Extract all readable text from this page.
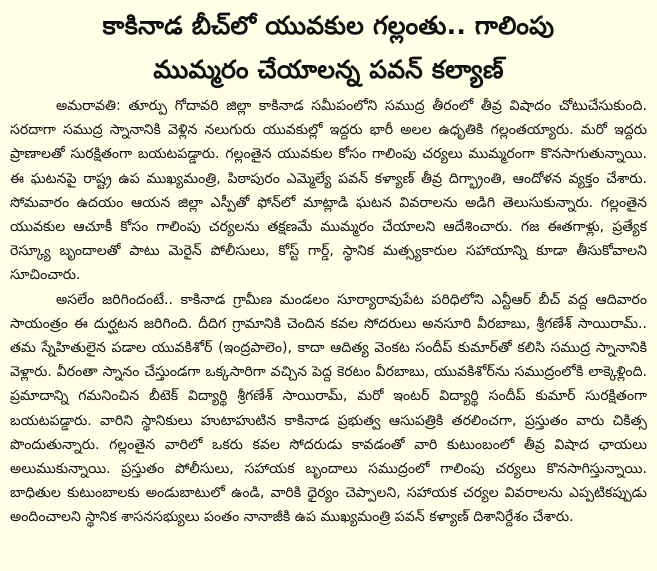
కాకినాడ బీచ్‌లో యువకుల గల్లంతు.. గాలింపు
ముమ్మరం చేయాలన్న పవన్ కల్యాణ్

అమరావతి: తూర్పు గోదావరి జిల్లా కాకినాడ సమీపంలోని సముద్ర తీరంలో తీవ్ర విషాదం చోటుచేసుకుంది. సరదాగా సముద్ర స్నానానికి వెళ్లిన నలుగురు యువకుల్లో ఇద్దరు భారీ అలల ఉధృతికి గల్లంతయ్యారు. మరో ఇద్దరు ప్రాణాలతో సురక్షితంగా బయటపడ్డారు. గల్లంతైన యువకుల కోసం గాలింపు చర్యలు ముమ్మరంగా కొనసాగుతున్నాయి. ఈ ఘటనపై రాష్ట్ర ఉప ముఖ్యమంత్రి, పిఠాపురం ఎమ్మెల్యే పవన్ కళ్యాణ్ తీవ్ర దిగ్భ్రాంతి, ఆందోళన వ్యక్తం చేశారు. సోమవారం ఉదయం ఆయన జిల్లా ఎస్పీతో ఫోన్‌లో మాట్లాడి ఘటన వివరాలను అడిగి తెలుసుకున్నారు. గల్లంతైన యువకుల ఆచూకీ కోసం గాలింపు చర్యలను తక్షణమే ముమ్మరం చేయాలని ఆదేశించారు. గజ ఈతగాళ్లు, ప్రత్యేక రెస్క్యూ బృందాలతో పాటు మెరైన్ పోలీసులు, కోస్ట్ గార్డ్, స్థానిక మత్స్యకారుల సహాయాన్ని కూడా తీసుకోవాలని సూచించారు.

అసలేం జరిగిందంటే.. కాకినాడ గ్రామీణ మండలం సూర్యారావుపేట పరిధిలోని ఎన్టీఆర్ బీచ్ వద్ద ఆదివారం సాయంత్రం ఈ దుర్ఘటన జరిగింది. దీదిగ గ్రామానికి చెందిన కవల సోదరులు అనసూరి వీరబాబు, శ్రీగణేశ్ సాయిరామ్.. తమ స్నేహితులైన పడాల యువకిశోర్ (ఇంద్రపాలెం), కాదా ఆదిత్య వెంకట సందీప్ కుమార్‌తో కలిసి సముద్ర స్నానానికి వెళ్లారు. వీరంతా స్నానం చేస్తుండగా ఒక్కసారిగా వచ్చిన పెద్ద కెరటం వీరబాబు, యువకిశోర్‌ను సముద్రంలోకి లాక్కెళ్లింది. ప్రమాదాన్ని గమనించిన బీటెక్ విద్యార్థి శ్రీగణేశ్ సాయిరామ్, మరో ఇంటర్ విద్యార్థి సందీప్ కుమార్ సురక్షితంగా బయటపడ్డారు. వారిని స్థానికులు హుటాహుటిన కాకినాడ ప్రభుత్వ ఆసుపత్రికి తరలించగా, ప్రస్తుతం వారు చికిత్స పొందుతున్నారు. గల్లంతైన వారిలో ఒకరు కవల సోదరుడు కావడంతో వారి కుటుంబంలో తీవ్ర విషాద ఛాయలు అలుముకున్నాయి. ప్రస్తుతం పోలీసులు, సహాయక బృందాలు సముద్రంలో గాలింపు చర్యలు కొనసాగిస్తున్నాయి. బాధితుల కుటుంబాలకు అండుబాటులో ఉండి, వారికి ధైర్యం చెప్పాలని, సహాయక చర్యల వివరాలను ఎప్పటికప్పుడు అందించాలని స్థానిక శాసనసభ్యులు పంతం నానాజీకి ఉప ముఖ్యమంత్రి పవన్ కళ్యాణ్ దిశానిర్దేశం చేశారు.
